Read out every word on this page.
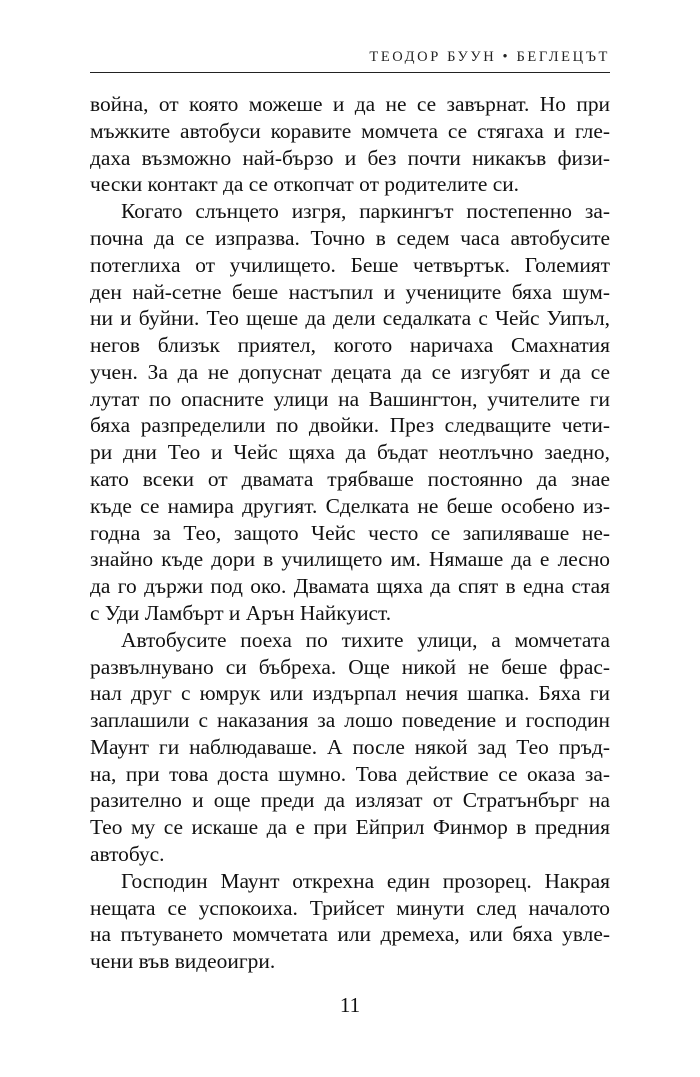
ТЕОДОР БУУН • БЕГЛЕЦЪТ
война, от която можеше и да не се завърнат. Но при
мъжките автобуси коравите момчета се стягаха и гле-
даха възможно най-бързо и без почти никакъв физи-
чески контакт да се откопчат от родителите си.
Когато слънцето изгря, паркингът постепенно за-
почна да се изпразва. Точно в седем часа автобусите
потеглиха от училището. Беше четвъртък. Големият
ден най-сетне беше настъпил и учениците бяха шум-
ни и буйни. Тео щеше да дели седалката с Чейс Уипъл,
негов близък приятел, когото наричаха Смахнатия
учен. За да не допуснат децата да се изгубят и да се
лутат по опасните улици на Вашингтон, учителите ги
бяха разпределили по двойки. През следващите чети-
ри дни Тео и Чейс щяха да бъдат неотлъчно заедно,
като всеки от двамата трябваше постоянно да знае
къде се намира другият. Сделката не беше особено из-
годна за Тео, защото Чейс често се запиляваше не-
знайно къде дори в училището им. Нямаше да е лесно
да го държи под око. Двамата щяха да спят в една стая
с Уди Ламбърт и Арън Найкуист.
Автобусите поеха по тихите улици, а момчетата
развълнувано си бъбреха. Още никой не беше фрас-
нал друг с юмрук или издърпал нечия шапка. Бяха ги
заплашили с наказания за лошо поведение и господин
Маунт ги наблюдаваше. А после някой зад Тео пръд-
на, при това доста шумно. Това действие се оказа за-
разително и още преди да излязат от Стратънбърг на
Тео му се искаше да е при Ейприл Финмор в предния
автобус.
Господин Маунт открехна един прозорец. Накрая
нещата се успокоиха. Трийсет минути след началото
на пътуването момчетата или дремеха, или бяха увле-
чени във видеоигри.
11
